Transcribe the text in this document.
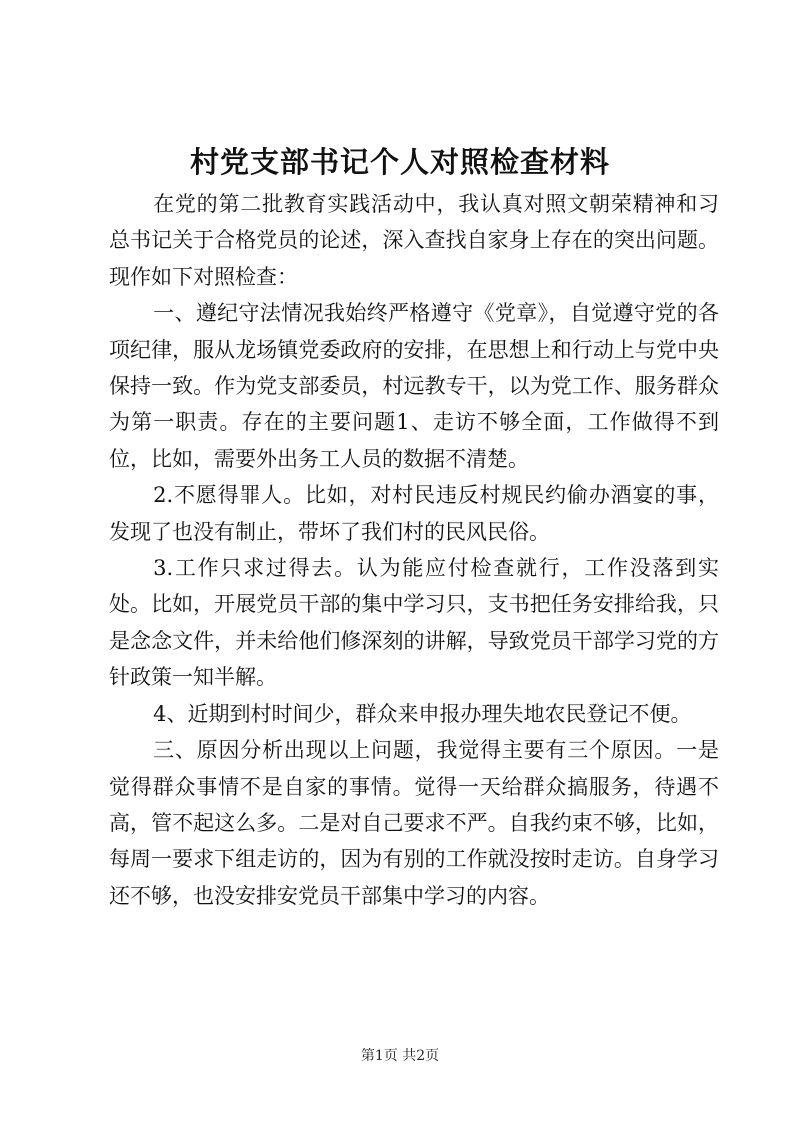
村党支部书记个人对照检查材料

在党的第二批教育实践活动中，我认真对照文朝荣精神和习总书记关于合格党员的论述，深入查找自家身上存在的突出问题。现作如下对照检查：

一、遵纪守法情况我始终严格遵守《党章》，自觉遵守党的各项纪律，服从龙场镇党委政府的安排，在思想上和行动上与党中央保持一致。作为党支部委员，村远教专干，以为党工作、服务群众为第一职责。存在的主要问题1、走访不够全面，工作做得不到位，比如，需要外出务工人员的数据不清楚。

2.不愿得罪人。比如，对村民违反村规民约偷办酒宴的事，发现了也没有制止，带坏了我们村的民风民俗。

3.工作只求过得去。认为能应付检查就行，工作没落到实处。比如，开展党员干部的集中学习只，支书把任务安排给我，只是念念文件，并未给他们修深刻的讲解，导致党员干部学习党的方针政策一知半解。

4、近期到村时间少，群众来申报办理失地农民登记不便。

三、原因分析出现以上问题，我觉得主要有三个原因。一是觉得群众事情不是自家的事情。觉得一天给群众搞服务，待遇不高，管不起这么多。二是对自己要求不严。自我约束不够，比如，每周一要求下组走访的，因为有别的工作就没按时走访。自身学习还不够，也没安排安党员干部集中学习的内容。

第1页 共2页
